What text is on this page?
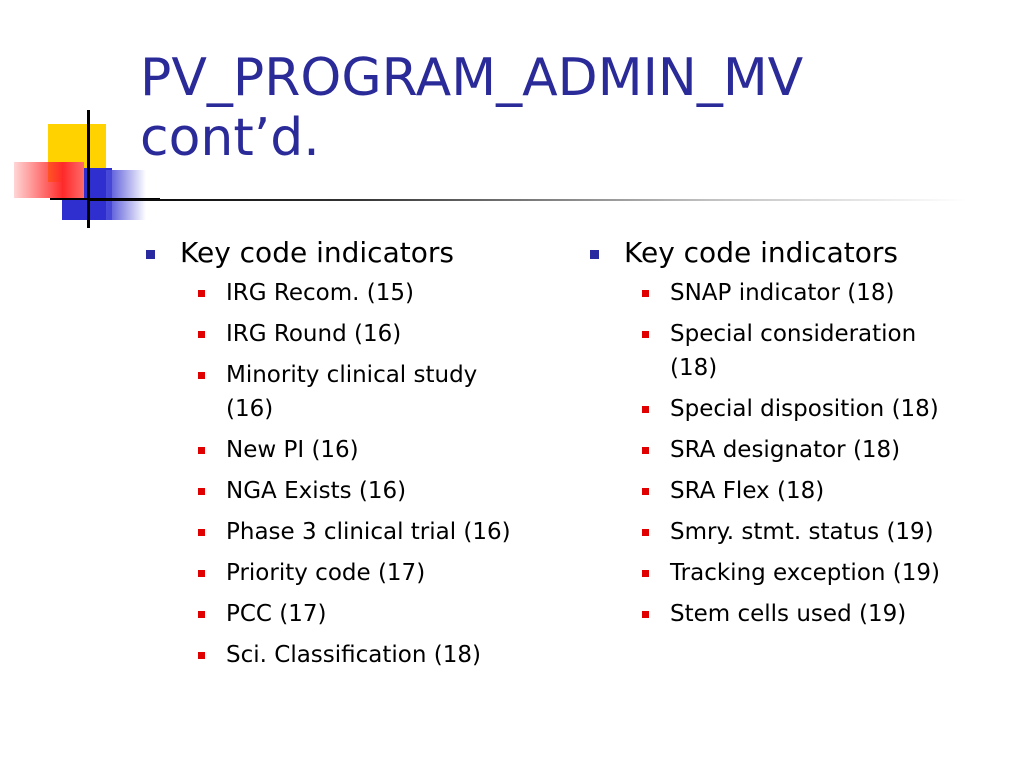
PV_PROGRAM_ADMIN_MV
cont’d.
Key code indicators
IRG Recom. (15)
IRG Round (16)
Minority clinical study (16)
New PI (16)
NGA Exists (16)
Phase 3 clinical trial (16)
Priority code (17)
PCC (17)
Sci. Classification (18)
Key code indicators
SNAP indicator (18)
Special consideration (18)
Special disposition (18)
SRA designator (18)
SRA Flex (18)
Smry. stmt. status (19)
Tracking exception (19)
Stem cells used (19)
